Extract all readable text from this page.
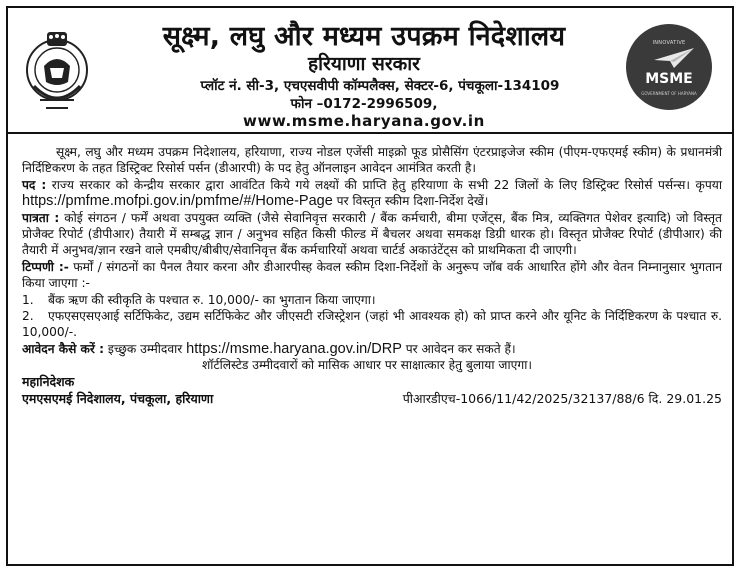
सूक्ष्म, लघु और मध्यम उपक्रम निदेशालय
हरियाणा सरकार
प्लॉट नं. सी-3, एचएसवीपी कॉम्पलैक्स, सेक्टर-6, पंचकूला-134109
फोन –0172-2996509,
www.msme.haryana.gov.in
INNOVATIVE
MSME
GOVERNMENT OF HARYANA

सूक्ष्म, लघु और मध्यम उपक्रम निदेशालय, हरियाणा, राज्य नोडल एजेंसी माइक्रो फूड प्रोसैसिंग एंटरप्राइजेज स्कीम (पीएम-एफएमई स्कीम) के प्रधानमंत्री निर्दिष्टिकरण के तहत डिस्ट्रिक्ट रिसोर्स पर्सन (डीआरपी) के पद हेतु ऑनलाइन आवेदन आमंत्रित करती है।

पद : राज्य सरकार को केन्द्रीय सरकार द्वारा आवंटित किये गये लक्ष्यों की प्राप्ति हेतु हरियाणा के सभी 22 जिलों के लिए डिस्ट्रिक्ट रिसोर्स पर्सन्स। कृपया https://pmfme.mofpi.gov.in/pmfme/#/Home-Page पर विस्तृत स्कीम दिशा-निर्देश देखें।

पात्रता : कोई संगठन / फर्में अथवा उपयुक्त व्यक्ति (जैसे सेवानिवृत्त सरकारी / बैंक कर्मचारी, बीमा एजेंट्स, बैंक मित्र, व्यक्तिगत पेशेवर इत्यादि) जो विस्तृत प्रोजैक्ट रिपोर्ट (डीपीआर) तैयारी में सम्बद्ध ज्ञान / अनुभव सहित किसी फील्ड में बैचलर अथवा समकक्ष डिग्री धारक हो। विस्तृत प्रोजैक्ट रिपोर्ट (डीपीआर) की तैयारी में अनुभव/ज्ञान रखने वाले एमबीए/बीबीए/सेवानिवृत्त बैंक कर्मचारियों अथवा चार्टर्ड अकाउंटेंट्स को प्राथमिकता दी जाएगी।

टिप्पणी :- फर्मों / संगठनों का पैनल तैयार करना और डीआरपीस्ह केवल स्कीम दिशा-निर्देशों के अनुरूप जॉब वर्क आधारित होंगे और वेतन निम्नानुसार भुगतान किया जाएगा :-

1.	बैंक ऋण की स्वीकृति के पश्चात रु. 10,000/- का भुगतान किया जाएगा।
2. एफएसएसएआई सर्टिफिकेट, उद्यम सर्टिफिकेट और जीएसटी रजिस्ट्रेशन (जहां भी आवश्यक हो) को प्राप्त करने और यूनिट के निर्दिष्टिकरण के पश्चात रु. 10,000/-.

आवेदन कैसे करें : इच्छुक उम्मीदवार https://msme.haryana.gov.in/DRP पर आवेदन कर सकते हैं।

शॉर्टलिस्टेड उम्मीदवारों को मासिक आधार पर साक्षात्कार हेतु बुलाया जाएगा।

महानिदेशक

एमएसएमई निदेशालय, पंचकूला, हरियाणा	पीआरडीएच-1066/11/42/2025/32137/88/6 दि. 29.01.25
